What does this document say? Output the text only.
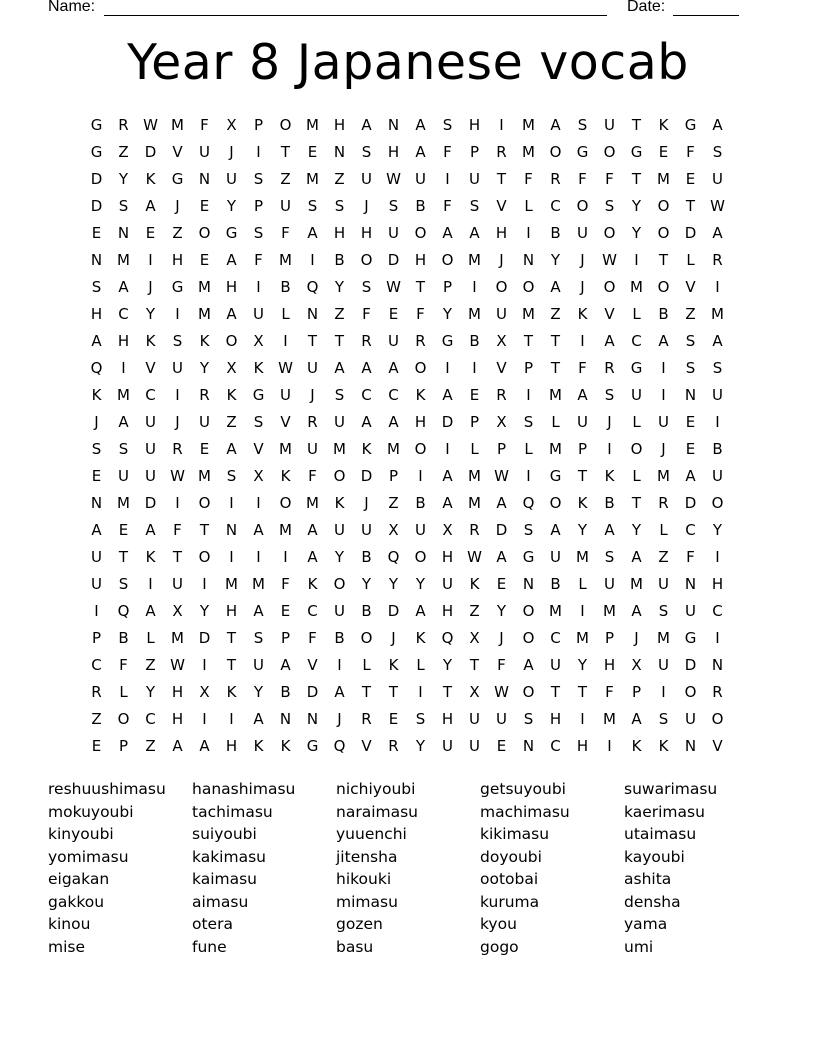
Name:	Date:
Year 8 Japanese vocab
G	R W M	F	X	P	O M H	A	N	A	S	H	I	M	A	S	U	T	K	G	A
G	Z	D	V	U	J	I	T	E	N	S	H	A	F	P	R	M O	G	O	G	E	F	S
D	Y	K	G	N	U	S	Z	M	Z	U W U	I	U	T	F	R	F	F	T	M	E	U
D	S	A	J	E	Y	P	U	S	S	J	S	B	F	S	V	L	C	O	S	Y	O	T	W
E	N	E	Z	O	G	S	F	A	H	H	U	O	A	A	H	I	B	U	O	Y	O	D	A
N M	I	H	E	A	F	M	I	B	O	D	H	O M	J	N	Y	J	W	I	T	L	R
S	A	J	G M H	I	B	Q	Y	S W T	P	I	O	O	A	J	O M O	V	I
H	C	Y	I	M	A	U	L	N	Z	F	E	F	Y	M	U	M	Z	K	V	L	B	Z	M
A	H	K	S	K	O	X	I	T	T	R	U	R	G	B	X	T	T	I	A	C	A	S	A
Q	I	V	U	Y	X	K W U	A	A	A	O	I	I	V	P	T	F	R	G	I	S	S
K	M	C	I	R	K	G	U	J	S	C	C	K	A	E	R	I	M	A	S	U	I	N	U
J	A	U	J	U	Z	S	V	R	U	A	A	H	D	P	X	S	L	U	J	L	U	E	I
S	S	U	R	E	A	V	M	U	M	K	M O	I	L	P	L	M	P	I	O	J	E	B
E	U	U W M	S	X	K	F	O	D	P	I	A	M W	I	G	T	K	L	M	A	U
N M D	I	O	I	I	O M	K	J	Z	B	A	M	A	Q	O	K	B	T	R	D	O
A	E	A	F	T	N	A	M	A	U	U	X	U	X	R	D	S	A	Y	A	Y	L	C	Y
U	T	K	T	O	I	I	I	A	Y	B	Q	O	H W A	G	U	M	S	A	Z	F	I
U	S	I	U	I	M M	F	K	O	Y	Y	Y	U	K	E	N	B	L	U	M	U	N	H
I	Q	A	X	Y	H	A	E	C	U	B	D	A	H	Z	Y	O M	I	M	A	S	U	C
P	B	L	M D	T	S	P	F	B	O	J	K	Q	X	J	O	C	M	P	J	M G	I
C	F	Z W	I	T	U	A	V	I	L	K	L	Y	T	F	A	U	Y	H	X	U	D	N
R	L	Y	H	X	K	Y	B	D	A	T	T	I	T	X W O	T	T	F	P	I	O	R
Z	O	C	H	I	I	A	N	N	J	R	E	S	H	U	U	S	H	I	M	A	S	U	O
E	P	Z	A	A	H	K	K	G	Q	V	R	Y	U	U	E	N	C	H	I	K	K	N	V
reshuushimasu	hanashimasu	nichiyoubi	getsuyoubi	suwarimasu
mokuyoubi	tachimasu	naraimasu	machimasu	kaerimasu
kinyoubi	suiyoubi	yuuenchi	kikimasu	utaimasu
yomimasu	kakimasu	jitensha	doyoubi	kayoubi
eigakan	kaimasu	hikouki	ootobai	ashita
gakkou	aimasu	mimasu	kuruma	densha
kinou	otera	gozen	kyou	yama
mise	fune	basu	gogo	umi
